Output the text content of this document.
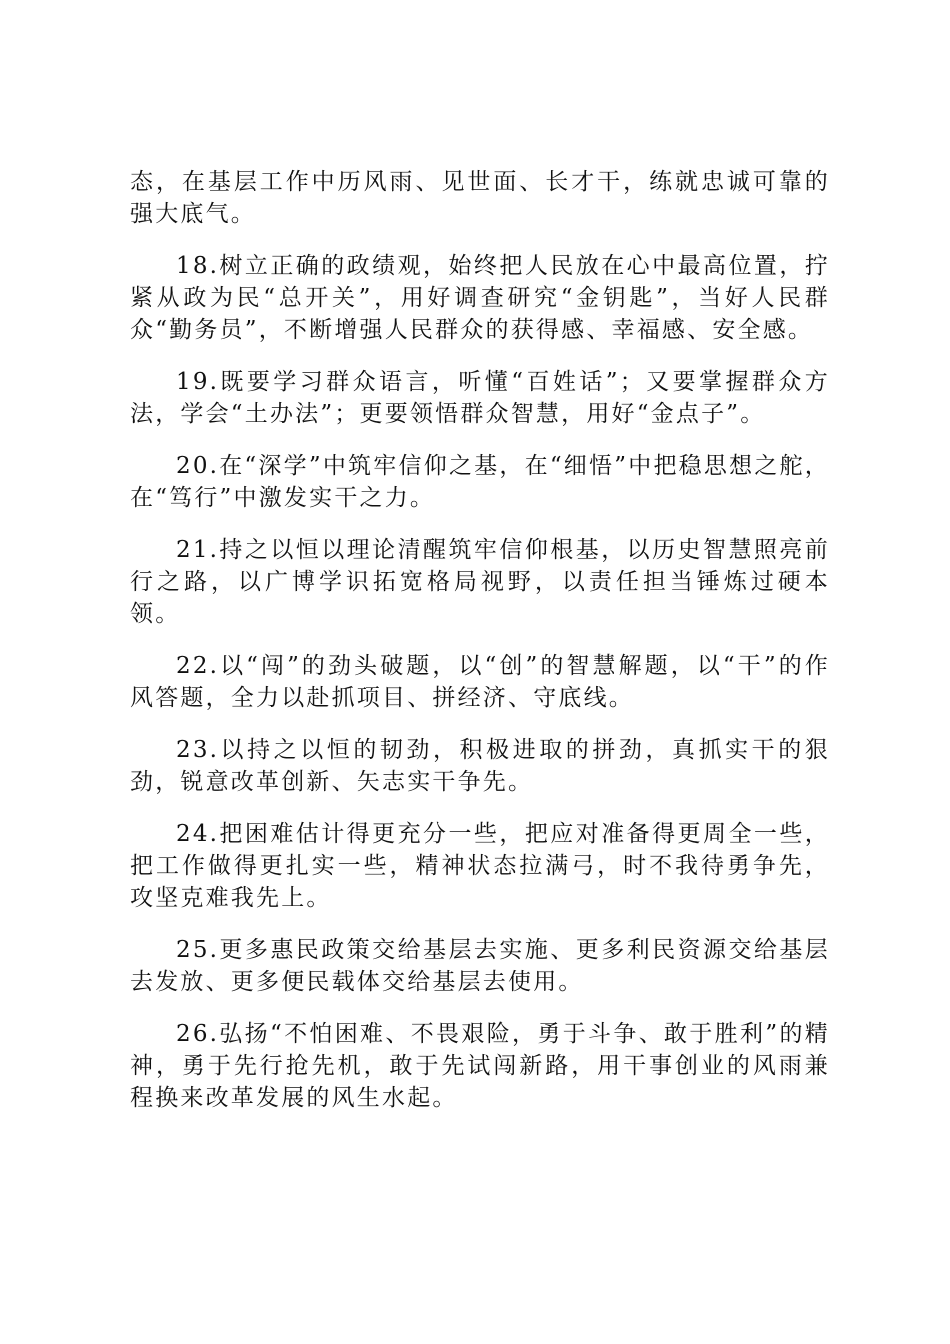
态，在基层工作中历风雨、见世面、长才干，练就忠诚可靠的强大底气。

18.树立正确的政绩观，始终把人民放在心中最高位置，拧紧从政为民“总开关”，用好调查研究“金钥匙”，当好人民群众“勤务员”，不断增强人民群众的获得感、幸福感、安全感。

19.既要学习群众语言，听懂“百姓话”；又要掌握群众方法，学会“土办法”；更要领悟群众智慧，用好“金点子”。

20.在“深学”中筑牢信仰之基，在“细悟”中把稳思想之舵，在“笃行”中激发实干之力。

21.持之以恒以理论清醒筑牢信仰根基，以历史智慧照亮前行之路，以广博学识拓宽格局视野，以责任担当锤炼过硬本领。

22.以“闯”的劲头破题，以“创”的智慧解题，以“干”的作风答题，全力以赴抓项目、拼经济、守底线。

23.以持之以恒的韧劲，积极进取的拼劲，真抓实干的狠劲，锐意改革创新、矢志实干争先。

24.把困难估计得更充分一些，把应对准备得更周全一些，把工作做得更扎实一些，精神状态拉满弓，时不我待勇争先，攻坚克难我先上。

25.更多惠民政策交给基层去实施、更多利民资源交给基层去发放、更多便民载体交给基层去使用。

26.弘扬“不怕困难、不畏艰险，勇于斗争、敢于胜利”的精神，勇于先行抢先机，敢于先试闯新路，用干事创业的风雨兼程换来改革发展的风生水起。
